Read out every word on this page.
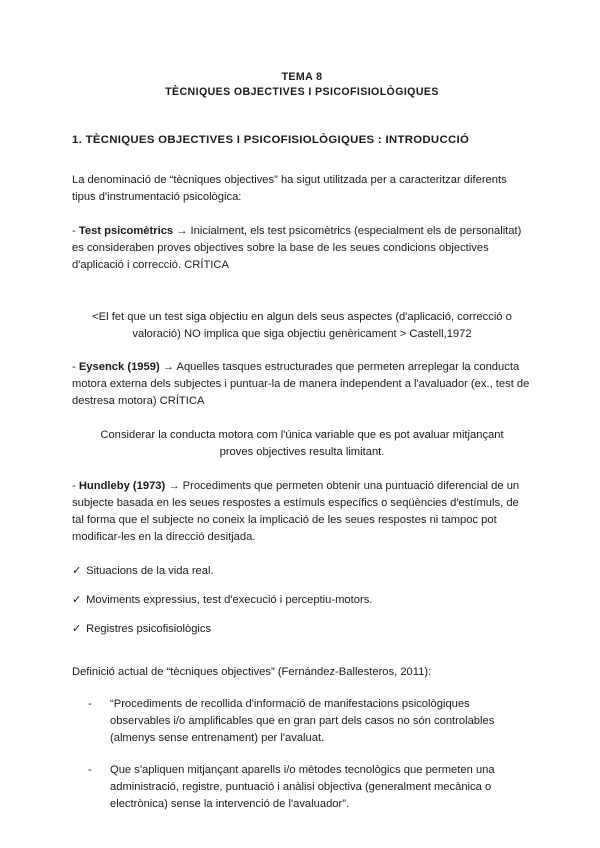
TEMA 8
TÈCNIQUES OBJECTIVES I PSICOFISIOLÒGIQUES
1. TÈCNIQUES OBJECTIVES I PSICOFISIOLÒGIQUES : INTRODUCCIÓ

La denominació de “tècniques objectives” ha sigut utilitzada per a caracteritzar diferents tipus d'instrumentació psicològica:

- Test psicomètrics → Inicialment, els test psicomètrics (especialment els de personalitat) es consideraben proves objectives sobre la base de les seues condicions objectives d'aplicació i correcció. CRÍTICA

<El fet que un test siga objectiu en algun dels seus aspectes (d'aplicació, correcció o valoració) NO implica que siga objectiu genèricament > Castell,1972

- Eysenck (1959) → Aquelles tasques estructurades que permeten arreplegar la conducta motora externa dels subjectes i puntuar-la de manera independent a l'avaluador (ex., test de destresa motora) CRÍTICA

Considerar la conducta motora com l'única variable que es pot avaluar mitjançant proves objectives resulta limitant.

- Hundleby (1973) → Procediments que permeten obtenir una puntuació diferencial de un subjecte basada en les seues respostes a estímuls específics o seqüències d'estímuls, de tal forma que el subjecte no coneix la implicació de les seues respostes ni tampoc pot modificar-les en la direcció desitjada.

✓ Situacions de la vida real.
✓ Moviments expressius, test d'execució i perceptiu-motors.
✓ Registres psicofisiològics

Definició actual de “tècniques objectives” (Fernández-Ballesteros, 2011):

- “Procediments de recollida d'informació de manifestacions psicològiques observables i/o amplificables que en gran part dels casos no són controlables (almenys sense entrenament) per l'avaluat.
- Que s'apliquen mitjançant aparells i/o mètodes tecnològics que permeten una administració, registre, puntuació i anàlisi objectiva (generalment mecànica o electrònica) sense la intervenció de l'avaluador”.
